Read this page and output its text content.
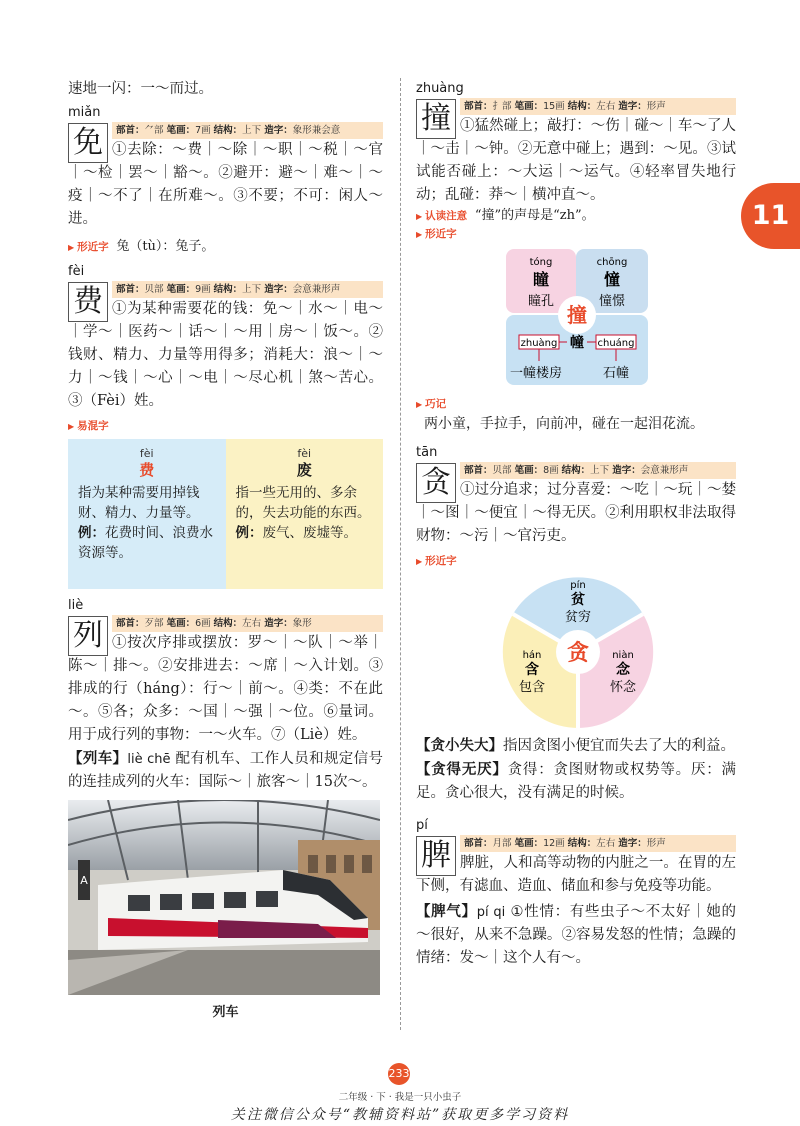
11

速地一闪：一～而过。

miǎn
免	部首：⺈部 笔画：7画 结构：上下 造字：象形兼会意

①去除：～费｜～除｜～职｜～税｜～官｜～检｜罢～｜豁～。②避开：避～｜难～｜～疫｜～不了｜在所难～。③不要；不可：闲人～进。

▶ 形近字 兔（tù）：兔子。
fèi
费	部首：贝部 笔画：9画 结构：上下 造字：会意兼形声

①为某种需要花的钱：免～｜水～｜电～｜学～｜医药～｜话～｜～用｜房～｜饭～。②钱财、精力、力量等用得多；消耗大：浪～｜～力｜～钱｜～心｜～电｜～尽心机｜煞～苦心。③（Fèi）姓。

▶ 易混字
fèi
费
指为某种需要用掉钱财、精力、力量等。
例：花费时间、浪费水资源等。
fèi
废
指一些无用的、多余的，失去功能的东西。
例：废气、废墟等。
liè
列	部首：歹部 笔画：6画 结构：左右 造字：象形

①按次序排或摆放：罗～｜～队｜～举｜陈～｜排～。②安排进去：～席｜～入计划。③排成的行（háng）：行～｜前～。④类：不在此～。⑤各；众多：～国｜～强｜～位。⑥量词。用于成行列的事物：一～火车。⑦（Liè）姓。

【列车】liè chē 配有机车、工作人员和规定信号的连挂成列的火车：国际～｜旅客～｜15次～。

A
列车
zhuàng
撞	部首：扌部 笔画：15画 结构：左右 造字：形声

①猛然碰上；敲打：～伤｜碰～｜车～了人｜～击｜～钟。②无意中碰上；遇到：～见。③试试能否碰上：～大运｜～运气。④轻率冒失地行动；乱碰：莽～｜横冲直～。

▶ 认读注意 “撞”的声母是“zh”。
▶ 形近字
tóng
瞳
瞳孔
chōng
憧
憧憬
撞
zhuàng 幢 chuáng
一幢楼房	石幢
▶ 巧记

两小童，手拉手，向前冲，碰在一起泪花流。

tān
贪	部首：贝部 笔画：8画 结构：上下 造字：会意兼形声

①过分追求；过分喜爱：～吃｜～玩｜～婪｜～图｜～便宜｜～得无厌。②利用职权非法取得财物：～污｜～官污吏。

▶ 形近字
贪
pín
贫
贫穷
hán
含
包含
niàn
念
怀念

【贪小失大】指因贪图小便宜而失去了大的利益。

【贪得无厌】贪得：贪图财物或权势等。厌：满足。贪心很大，没有满足的时候。

pí
脾	部首：月部 笔画：12画 结构：左右 造字：形声

脾脏，人和高等动物的内脏之一。在胃的左下侧，有滤血、造血、储血和参与免疫等功能。

【脾气】pí qi ①性情：有些虫子～不太好｜她的～很好，从来不急躁。②容易发怒的性情；急躁的情绪：发～｜这个人有～。

233
二年级 · 下 · 我是一只小虫子
关注微信公众号“教辅资料站”获取更多学习资料
